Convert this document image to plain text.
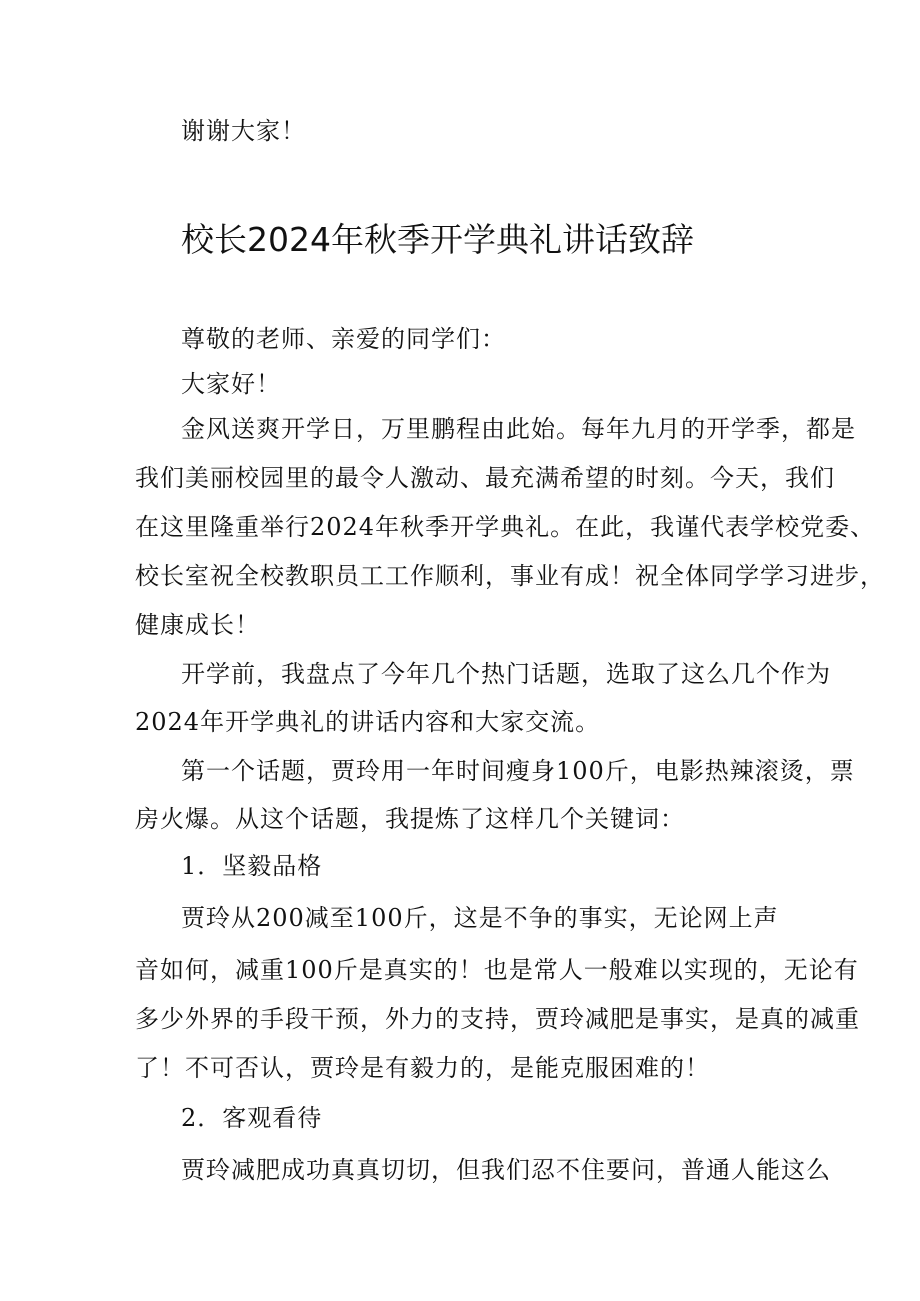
谢谢大家！

校长2024年秋季开学典礼讲话致辞

尊敬的老师、亲爱的同学们：

大家好！

金风送爽开学日，万里鹏程由此始。每年九月的开学季，都是

我们美丽校园里的最令人激动、最充满希望的时刻。今天，我们

在这里隆重举行2024年秋季开学典礼。在此，我谨代表学校党委、

校长室祝全校教职员工工作顺利，事业有成！祝全体同学学习进步，

健康成长！

开学前，我盘点了今年几个热门话题，选取了这么几个作为

2024年开学典礼的讲话内容和大家交流。

第一个话题，贾玲用一年时间瘦身100斤，电影热辣滚烫，票

房火爆。从这个话题，我提炼了这样几个关键词：

1．坚毅品格

贾玲从200减至100斤，这是不争的事实，无论网上声

音如何，减重100斤是真实的！也是常人一般难以实现的，无论有

多少外界的手段干预，外力的支持，贾玲减肥是事实，是真的减重

了！不可否认，贾玲是有毅力的，是能克服困难的！

2．客观看待

贾玲减肥成功真真切切，但我们忍不住要问，普通人能这么
